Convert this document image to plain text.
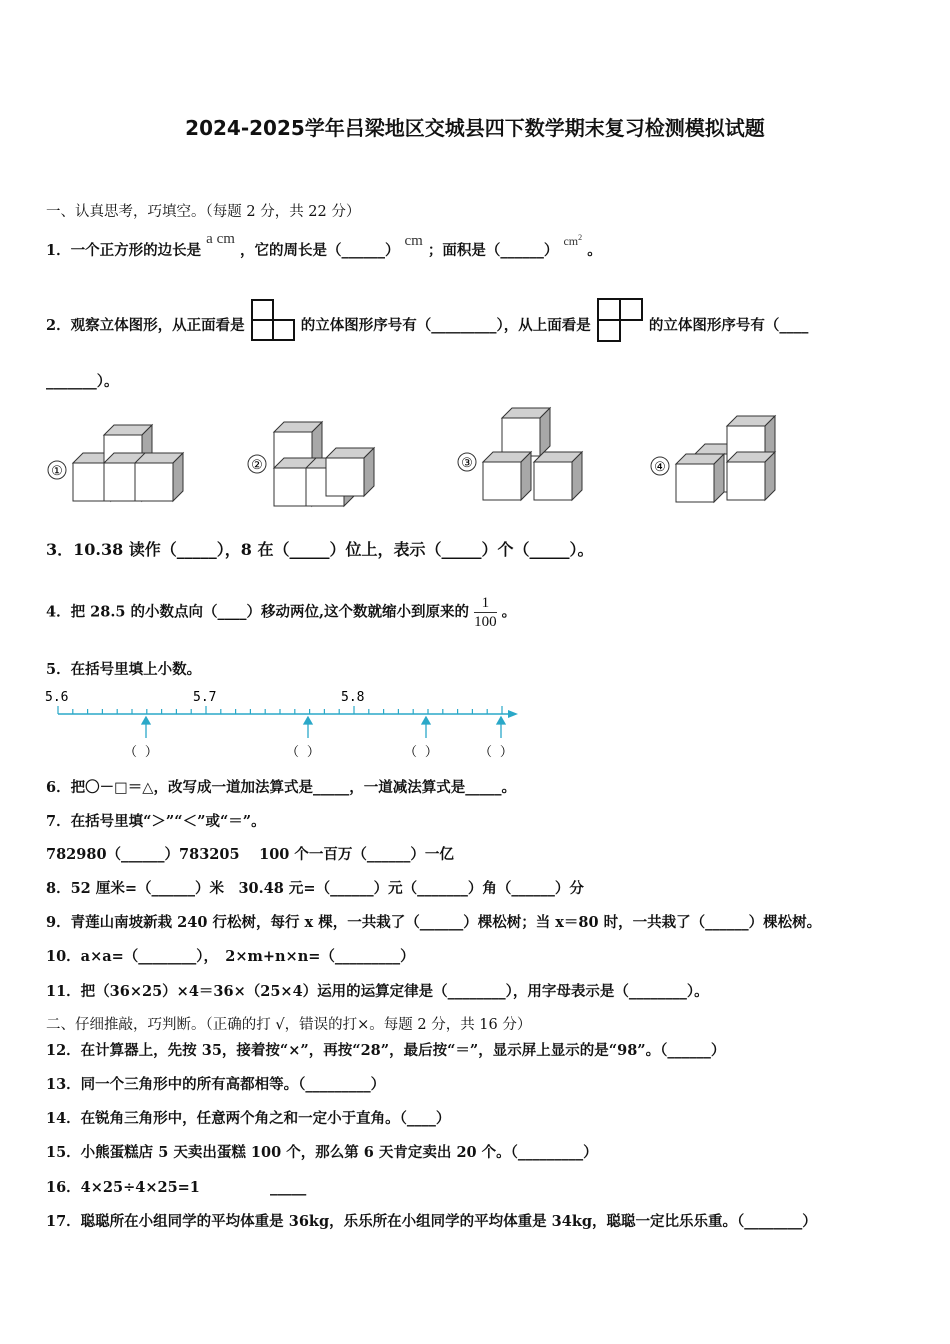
2024-2025学年吕梁地区交城县四下数学期末复习检测模拟试题
一、认真思考，巧填空。（每题 2 分，共 22 分）
1．一个正方形的边长是 a cm ，它的周长是（______） cm ；面积是（______） $^{cm^2}$ 。
2．观察立体图形，从正面看是	的立体图形序号有（_________），从上面看是	的立体图形序号有（____
_______）。
①	②	③	④
3．10.38 读作（_____），8 在（_____）位上，表示（_____）个（_____）。
4．把 28.5 的小数点向（____）移动两位,这个数就缩小到原来的 $\frac{1}{100}$ 。
5．在括号里填上小数。
5.6	5.7	5.8
（ ）	（ ）	（ ）	（ ）
6．把〇－□＝△，改写成一道加法算式是_____，一道减法算式是_____。
7．在括号里填“＞”“＜”或“＝”。
782980（______）783205　 100 个一百万（______）一亿
8．52 厘米=（______）米　30.48 元=（______）元（_______）角（______）分
9．青莲山南坡新栽 240 行松树，每行 x 棵，一共栽了（______）棵松树；当 x＝80 时，一共栽了（______）棵松树。
10．a×a=（________），　2×m+n×n=（_________）
11．把（36×25）×4＝36×（25×4）运用的运算定律是（________），用字母表示是（________）。
二、仔细推敲，巧判断。（正确的打 √，错误的打×。每题 2 分，共 16 分）
12．在计算器上，先按 35，接着按“×”，再按“28”，最后按“＝”，显示屏上显示的是“98”。（______）
13．同一个三角形中的所有高都相等。（_________）
14．在锐角三角形中，任意两个角之和一定小于直角。（____）
15．小熊蛋糕店 5 天卖出蛋糕 100 个，那么第 6 天肯定卖出 20 个。（_________）
16．4×25÷4×25=1	_____
17．聪聪所在小组同学的平均体重是 36kg，乐乐所在小组同学的平均体重是 34kg，聪聪一定比乐乐重。（________）
